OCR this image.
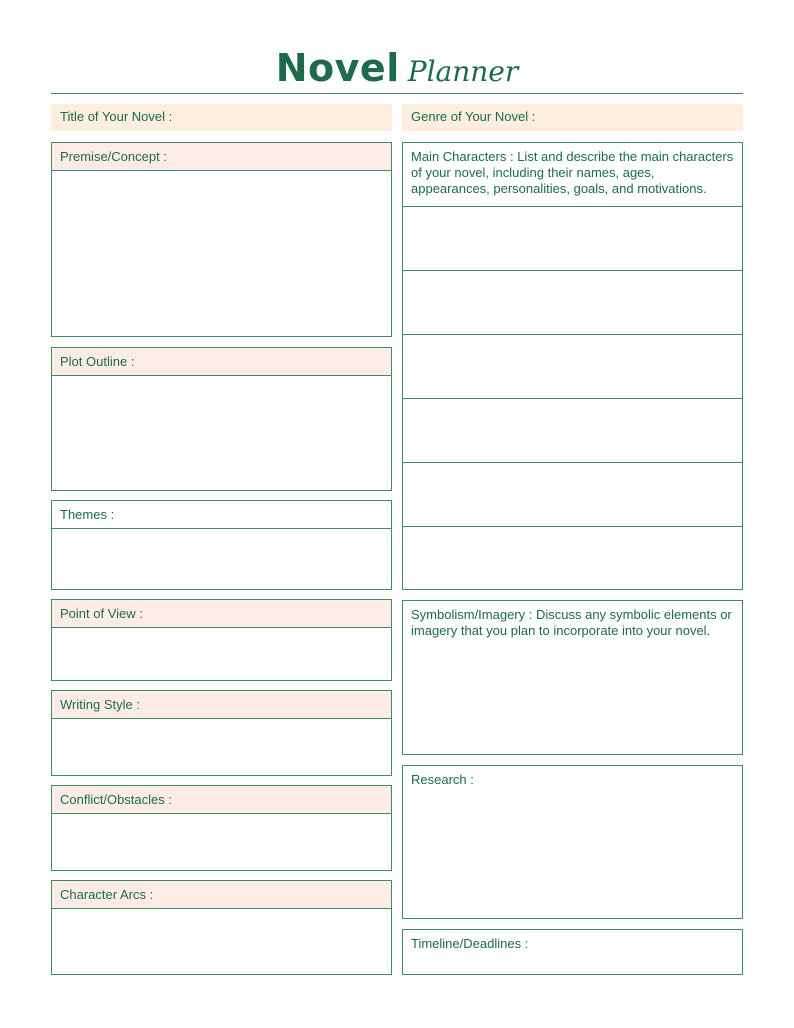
Novel Planner
Title of Your Novel :	Genre of Your Novel :
Premise/Concept :
Plot Outline :
Themes :
Point of View :
Writing Style :
Conflict/Obstacles :
Character Arcs :
Main Characters : List and describe the main characters of your novel, including their names, ages, appearances, personalities, goals, and motivations.
Symbolism/Imagery : Discuss any symbolic elements or imagery that you plan to incorporate into your novel.
Research :
Timeline/Deadlines :
